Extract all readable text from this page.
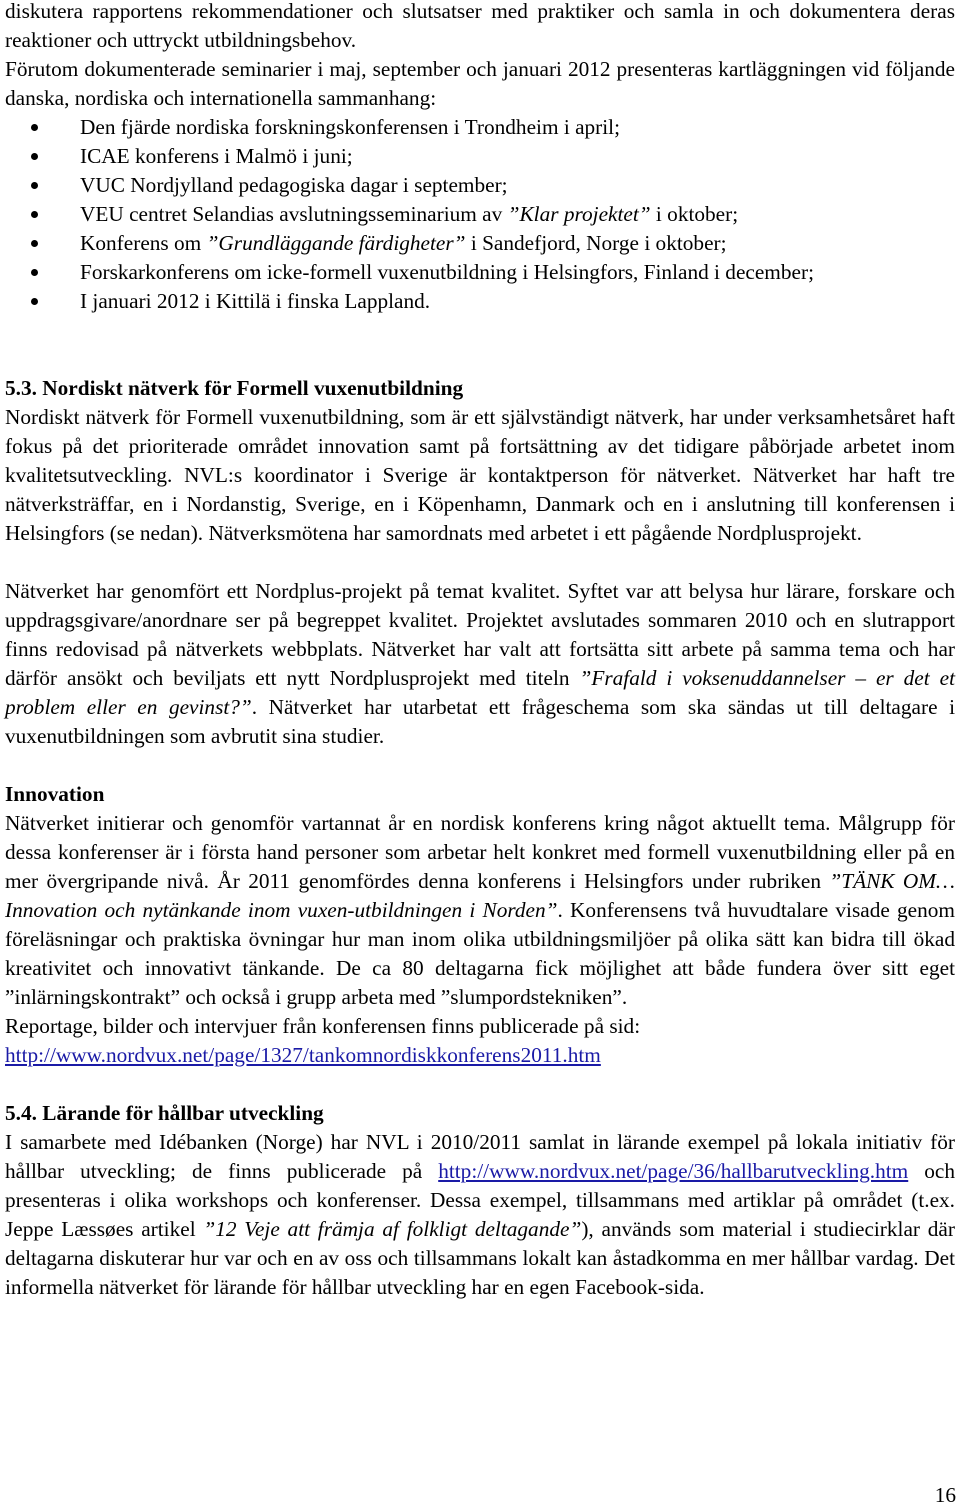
diskutera rapportens rekommendationer och slutsatser med praktiker och samla in och dokumentera deras reaktioner och uttryckt utbildningsbehov.
Förutom dokumenterade seminarier i maj, september och januari 2012 presenteras kartläggningen vid följande danska, nordiska och internationella sammanhang:

Den fjärde nordiska forskningskonferensen i Trondheim i april;
ICAE konferens i Malmö i juni;
VUC Nordjylland pedagogiska dagar i september;
VEU centret Selandias avslutningsseminarium av ”Klar projektet” i oktober;
Konferens om ”Grundläggande färdigheter” i Sandefjord, Norge i oktober;
Forskarkonferens om icke-formell vuxenutbildning i Helsingfors, Finland i december;
I januari 2012 i Kittilä i finska Lappland.
5.3. Nordiskt nätverk för Formell vuxenutbildning

Nordiskt nätverk för Formell vuxenutbildning, som är ett självständigt nätverk, har under verksamhetsåret haft fokus på det prioriterade området innovation samt på fortsättning av det tidigare påbörjade arbetet inom kvalitetsutveckling. NVL:s koordinator i Sverige är kontaktperson för nätverket. Nätverket har haft tre nätverksträffar, en i Nordanstig, Sverige, en i Köpenhamn, Danmark och en i anslutning till konferensen i Helsingfors (se nedan). Nätverksmötena har samordnats med arbetet i ett pågående Nordplusprojekt.

Nätverket har genomfört ett Nordplus-projekt på temat kvalitet. Syftet var att belysa hur lärare, forskare och uppdragsgivare/anordnare ser på begreppet kvalitet. Projektet avslutades sommaren 2010 och en slutrapport finns redovisad på nätverkets webbplats. Nätverket har valt att fortsätta sitt arbete på samma tema och har därför ansökt och beviljats ett nytt Nordplusprojekt med titeln ”Frafald i voksenuddannelser – er det et problem eller en gevinst?”. Nätverket har utarbetat ett frågeschema som ska sändas ut till deltagare i vuxenutbildningen som avbrutit sina studier.

Innovation

Nätverket initierar och genomför vartannat år en nordisk konferens kring något aktuellt tema. Målgrupp för dessa konferenser är i första hand personer som arbetar helt konkret med formell vuxenutbildning eller på en mer övergripande nivå. År 2011 genomfördes denna konferens i Helsingfors under rubriken ”TÄNK OM… Innovation och nytänkande inom vuxen-utbildningen i Norden”. Konferensens två huvudtalare visade genom föreläsningar och praktiska övningar hur man inom olika utbildningsmiljöer på olika sätt kan bidra till ökad kreativitet och innovativt tänkande. De ca 80 deltagarna fick möjlighet att både fundera över sitt eget ”inlärningskontrakt” och också i grupp arbeta med ”slumpordstekniken”.

Reportage, bilder och intervjuer från konferensen finns publicerade på sid:
http://www.nordvux.net/page/1327/tankomnordiskkonferens2011.htm

5.4. Lärande för hållbar utveckling

I samarbete med Idébanken (Norge) har NVL i 2010/2011 samlat in lärande exempel på lokala initiativ för hållbar utveckling; de finns publicerade på http://www.nordvux.net/page/36/hallbarutveckling.htm och presenteras i olika workshops och konferenser. Dessa exempel, tillsammans med artiklar på området (t.ex. Jeppe Læssøes artikel ”12 Veje att främja af folkligt deltagande”), används som material i studiecirklar där deltagarna diskuterar hur var och en av oss och tillsammans lokalt kan åstadkomma en mer hållbar vardag. Det informella nätverket för lärande för hållbar utveckling har en egen Facebook-sida.

16
